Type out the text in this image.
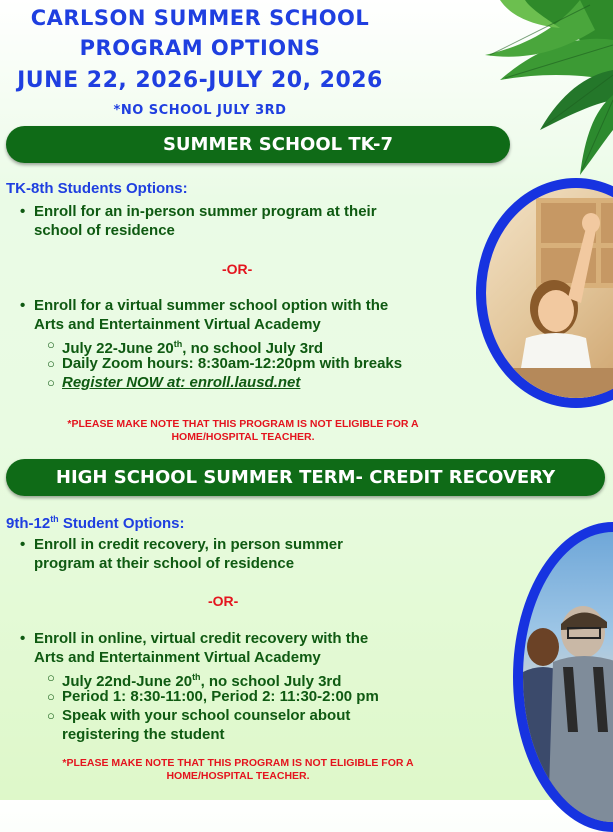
CARLSON SUMMER SCHOOL
PROGRAM OPTIONS
JUNE 22, 2026-JULY 20, 2026
*NO SCHOOL JULY 3RD
SUMMER SCHOOL TK-7
TK-8th Students Options:
• Enroll for an in-person summer program at their
school of residence
-OR-
• Enroll for a virtual summer school option with the
Arts and Entertainment Virtual Academy
○ July 22-June 20th, no school July 3rd
○ Daily Zoom hours: 8:30am-12:20pm with breaks
○ Register NOW at: enroll.lausd.net
*PLEASE MAKE NOTE THAT THIS PROGRAM IS NOT ELIGIBLE FOR A
HOME/HOSPITAL TEACHER.
HIGH SCHOOL SUMMER TERM- CREDIT RECOVERY
9th-12th Student Options:
• Enroll in credit recovery, in person summer
program at their school of residence
-OR-
• Enroll in online, virtual credit recovery with the
Arts and Entertainment Virtual Academy
○ July 22nd-June 20th, no school July 3rd
○ Period 1: 8:30-11:00, Period 2: 11:30-2:00 pm
○ Speak with your school counselor about
registering the student
*PLEASE MAKE NOTE THAT THIS PROGRAM IS NOT ELIGIBLE FOR A
HOME/HOSPITAL TEACHER.
